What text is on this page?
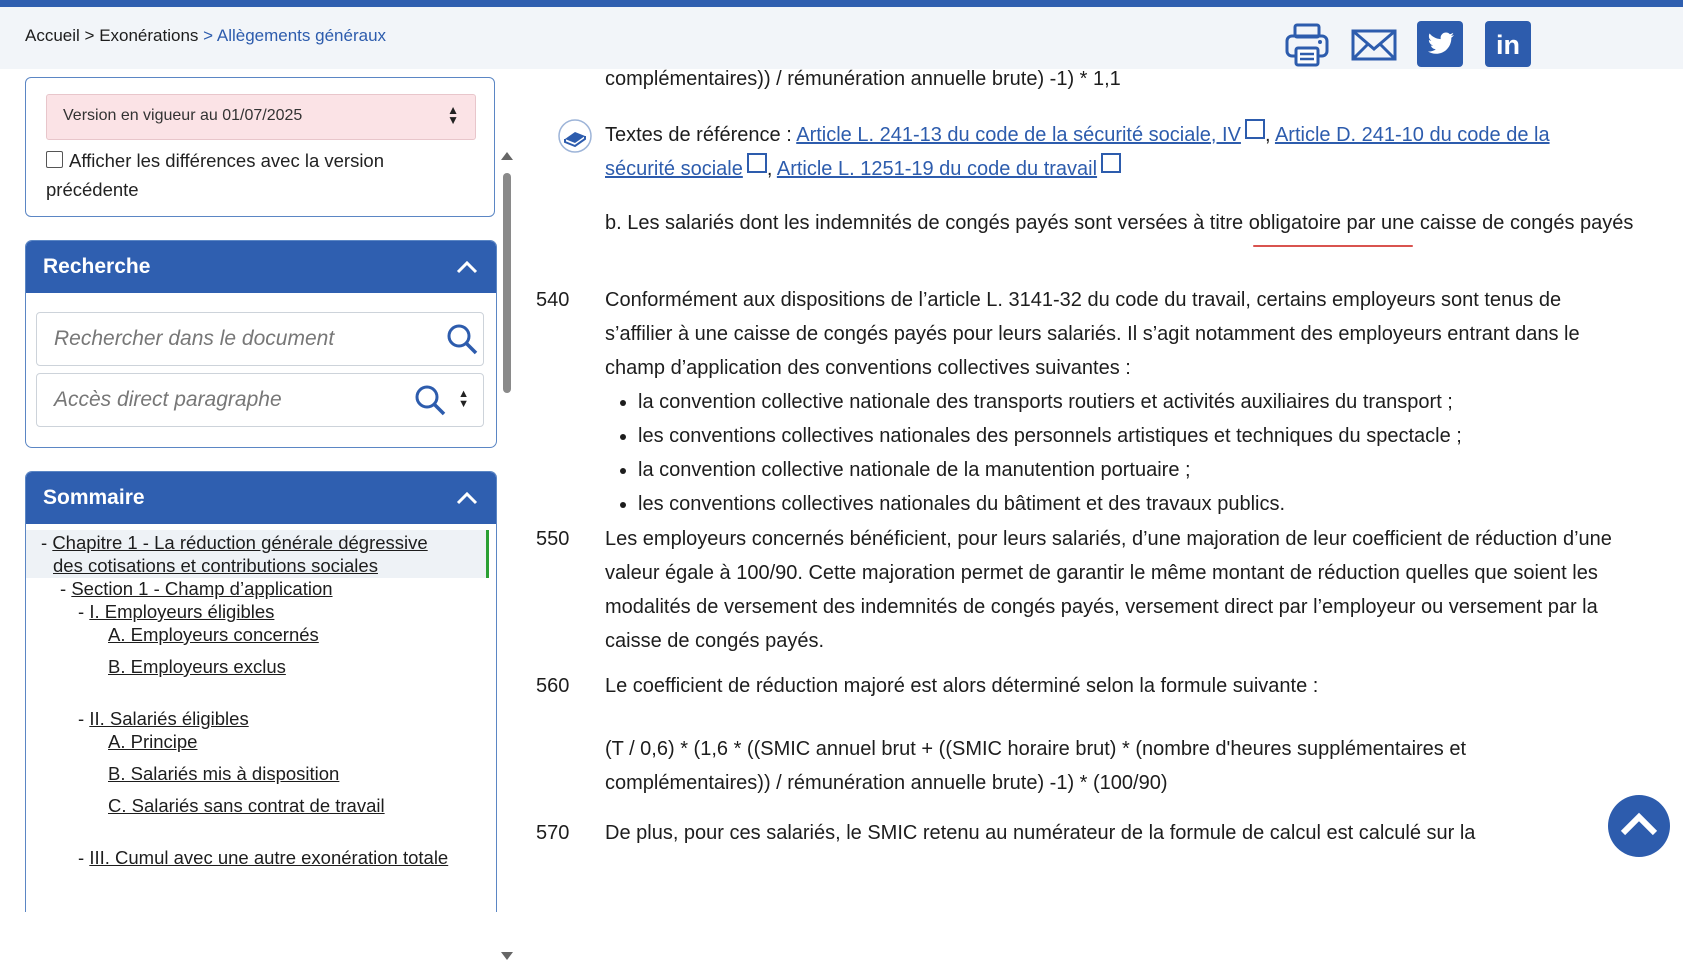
Accueil > Exonérations > Allègements généraux	in
Version en vigueur au 01/07/2025	▲
▼
Afficher les différences avec la version précédente
Recherche
Rechercher dans le document
Accès direct paragraphe	▲
▼
Sommaire
- Chapitre 1 - La réduction générale dégressive
des cotisations et contributions sociales
- Section 1 - Champ d’application
- I. Employeurs éligibles
A. Employeurs concernés
B. Employeurs exclus
- II. Salariés éligibles
A. Principe
B. Salariés mis à disposition
C. Salariés sans contrat de travail
- III. Cumul avec une autre exonération totale
complémentaires)) / rémunération annuelle brute) -1) * 1,1
Textes de référence : Article L. 241-13 du code de la sécurité sociale, IV , Article D. 241-10 du code de la sécurité sociale , Article L. 1251-19 du code du travail
b. Les salariés dont les indemnités de congés payés sont versées à titre obligatoire par une caisse de congés payés
540 Conformément aux dispositions de l’article L. 3141-32 du code du travail, certains employeurs sont tenus de s’affilier à une caisse de congés payés pour leurs salariés. Il s’agit notamment des employeurs entrant dans le champ d’application des conventions collectives suivantes :
• la convention collective nationale des transports routiers et activités auxiliaires du transport ;
• les conventions collectives nationales des personnels artistiques et techniques du spectacle ;
• la convention collective nationale de la manutention portuaire ;
• les conventions collectives nationales du bâtiment et des travaux publics.
550 Les employeurs concernés bénéficient, pour leurs salariés, d’une majoration de leur coefficient de réduction d’une valeur égale à 100/90. Cette majoration permet de garantir le même montant de réduction quelles que soient les modalités de versement des indemnités de congés payés, versement direct par l’employeur ou versement par la caisse de congés payés.
560 Le coefficient de réduction majoré est alors déterminé selon la formule suivante :
(T / 0,6) * (1,6 * ((SMIC annuel brut + ((SMIC horaire brut) * (nombre d'heures supplémentaires et complémentaires)) / rémunération annuelle brute) -1) * (100/90)
570 De plus, pour ces salariés, le SMIC retenu au numérateur de la formule de calcul est calculé sur la
